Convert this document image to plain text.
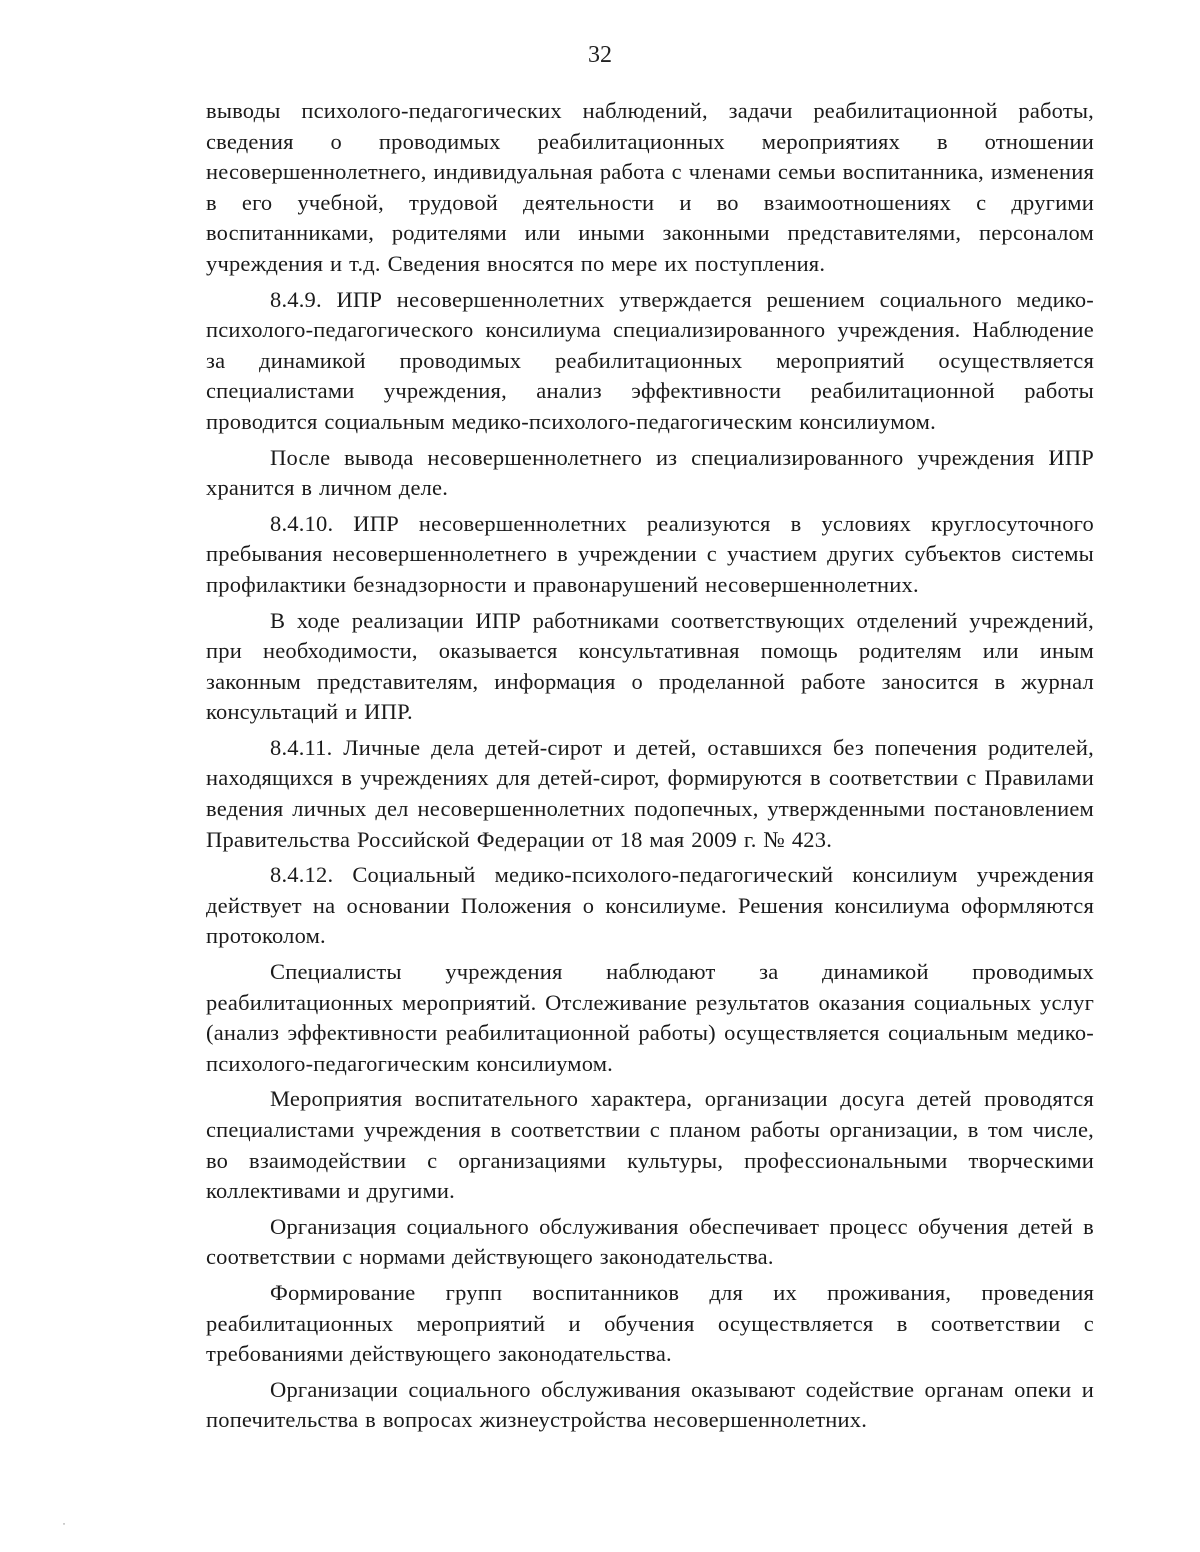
32

выводы психолого-педагогических наблюдений, задачи реабилитационной работы, сведения о проводимых реабилитационных мероприятиях в отношении несовершеннолетнего, индивидуальная работа с членами семьи воспитанника, изменения в его учебной, трудовой деятельности и во взаимоотношениях с другими воспитанниками, родителями или иными законными представителями, персоналом учреждения и т.д. Сведения вносятся по мере их поступления.

8.4.9. ИПР несовершеннолетних утверждается решением социального медико-психолого-педагогического консилиума специализированного учреждения. Наблюдение за динамикой проводимых реабилитационных мероприятий осуществляется специалистами учреждения, анализ эффективности реабилитационной работы проводится социальным медико-психолого-педагогическим консилиумом.

После вывода несовершеннолетнего из специализированного учреждения ИПР хранится в личном деле.

8.4.10. ИПР несовершеннолетних реализуются в условиях круглосуточного пребывания несовершеннолетнего в учреждении с участием других субъектов системы профилактики безнадзорности и правонарушений несовершеннолетних.

В ходе реализации ИПР работниками соответствующих отделений учреждений, при необходимости, оказывается консультативная помощь родителям или иным законным представителям, информация о проделанной работе заносится в журнал консультаций и ИПР.

8.4.11. Личные дела детей-сирот и детей, оставшихся без попечения родителей, находящихся в учреждениях для детей-сирот, формируются в соответствии с Правилами ведения личных дел несовершеннолетних подопечных, утвержденными постановлением Правительства Российской Федерации от 18 мая 2009 г. № 423.

8.4.12. Социальный медико-психолого-педагогический консилиум учреждения действует на основании Положения о консилиуме. Решения консилиума оформляются протоколом.

Специалисты учреждения наблюдают за динамикой проводимых реабилитационных мероприятий. Отслеживание результатов оказания социальных услуг (анализ эффективности реабилитационной работы) осуществляется социальным медико-психолого-педагогическим консилиумом.

Мероприятия воспитательного характера, организации досуга детей проводятся специалистами учреждения в соответствии с планом работы организации, в том числе, во взаимодействии с организациями культуры, профессиональными творческими коллективами и другими.

Организация социального обслуживания обеспечивает процесс обучения детей в соответствии с нормами действующего законодательства.

Формирование групп воспитанников для их проживания, проведения реабилитационных мероприятий и обучения осуществляется в соответствии с требованиями действующего законодательства.

Организации социального обслуживания оказывают содействие органам опеки и попечительства в вопросах жизнеустройства несовершеннолетних.

˙
